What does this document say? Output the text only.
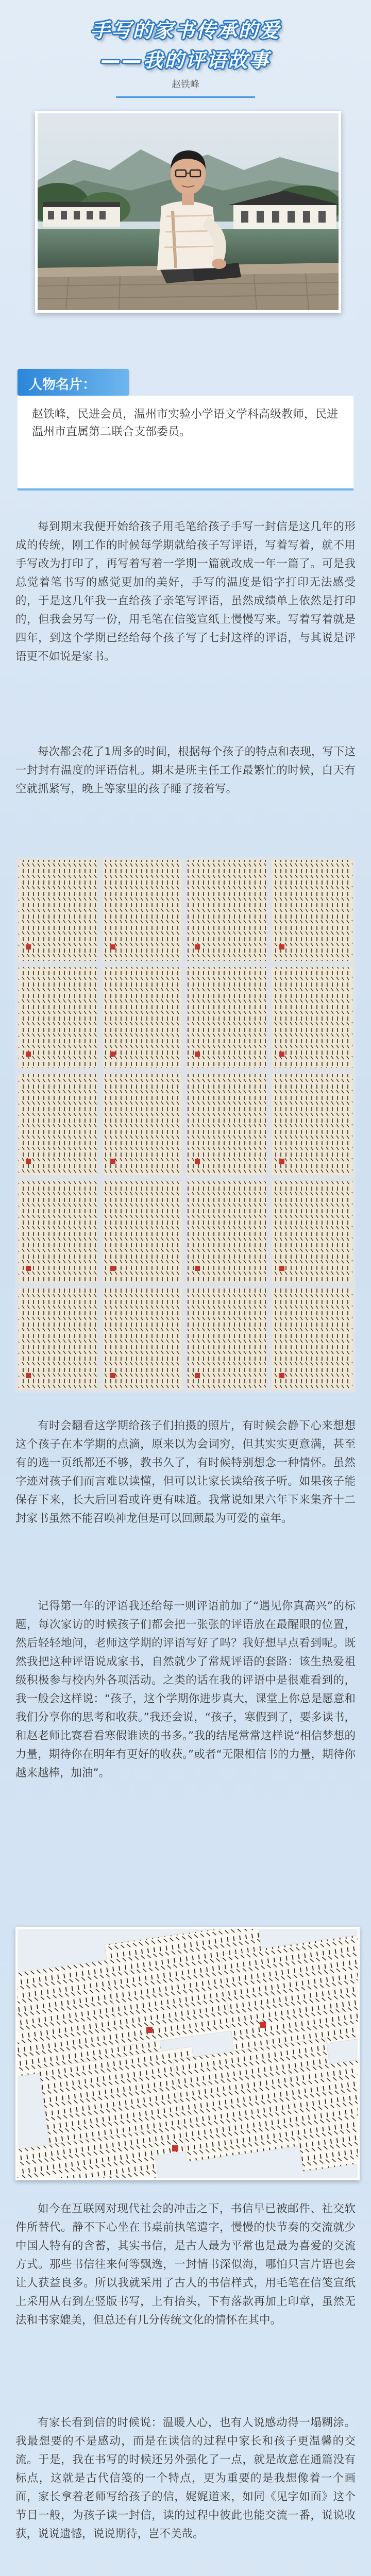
手写的家书传承的爱
——我的评语故事
赵铁峰
人物名片：
赵铁峰，民进会员，温州市实验小学语文学科高级教师，民进温州市直属第二联合支部委员。
每到期末我便开始给孩子用毛笔给孩子手写一封信是这几年的形成的传统，刚工作的时候每学期就给孩子写评语，写着写着，就不用手写改为打印了，再写着写着一学期一篇就改成一年一篇了。可是我总觉着笔书写的感觉更加的美好，手写的温度是铅字打印无法感受的，于是这几年我一直给孩子亲笔写评语，虽然成绩单上依然是打印的，但我会另写一份，用毛笔在信笺宣纸上慢慢写来。写着写着就是四年，到这个学期已经给每个孩子写了七封这样的评语，与其说是评语更不如说是家书。
每次都会花了1周多的时间，根据每个孩子的特点和表现，写下这一封封有温度的评语信札。期末是班主任工作最繁忙的时候，白天有空就抓紧写，晚上等家里的孩子睡了接着写。
有时会翻看这学期给孩子们拍摄的照片，有时候会静下心来想想这个孩子在本学期的点滴，原来以为会词穷，但其实实更意满，甚至有的选一页纸都还不够，教书久了，有时候特别想念一种情怀。虽然字迹对孩子们而言难以读懂，但可以让家长读给孩子听。如果孩子能保存下来，长大后回看或许更有味道。我常说如果六年下来集齐十二封家书虽然不能召唤神龙但是可以回顾最为可爱的童年。
记得第一年的评语我还给每一则评语前加了“遇见你真高兴”的标题，每次家访的时候孩子们都会把一张张的评语放在最醒眼的位置，然后轻轻地问，老师这学期的评语写好了吗？我好想早点看到呢。既然我把这种评语说成家书，自然就少了常规评语的套路：该生热爱祖级积极参与校内外各项活动。之类的话在我的评语中是很难看到的，我一般会这样说：“孩子，这个学期你进步真大，课堂上你总是愿意和我们分享你的思考和收获。”我还会说，“孩子，寒假到了，要多读书，和赵老师比赛看看寒假谁读的书多。”我的结尾常常这样说“相信梦想的力量，期待你在明年有更好的收获。”或者“无限相信书的力量，期待你越来越棒，加油”。
如今在互联网对现代社会的冲击之下，书信早已被邮件、社交软件所替代。静不下心坐在书桌前执笔遣字，慢慢的快节奏的交流就少中国人特有的含蓄，其实书信，是古人最为平常也是最为喜爱的交流方式。那些书信往来何等飘逸，一封情书深似海，哪怕只言片语也会让人获益良多。所以我就采用了古人的书信样式，用毛笔在信笺宣纸上采用从右到左竖版书写，上有抬头，下有落款再加上印章，虽然无法和书家媲美，但总还有几分传统文化的情怀在其中。
有家长看到信的时候说：温暖人心，也有人说感动得一塌糊涂。我最想要的不是感动，而是在读信的过程中家长和孩子更温馨的交流。于是，我在书写的时候还另外强化了一点，就是故意在通篇没有标点，这就是古代信笺的一个特点，更为重要的是我想像着一个画面，家长拿着老师写给孩子的信，娓娓道来，如同《见字如面》这个节目一般，为孩子读一封信，读的过程中彼此也能交流一番，说说收获，说说遗憾，说说期待，岂不美哉。
